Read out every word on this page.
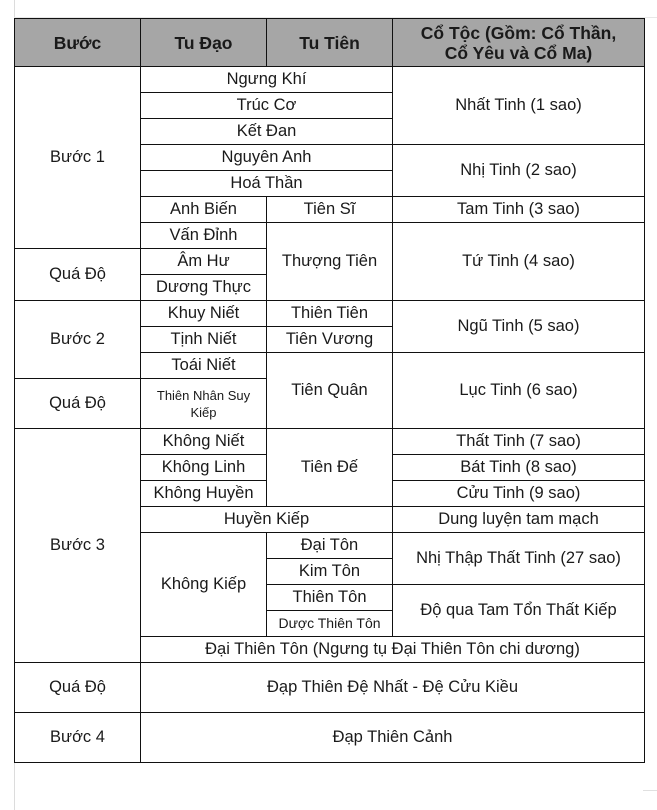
Bước	Tu Đạo	Tu Tiên	Cổ Tộc (Gồm: Cổ Thần, Cổ Yêu và Cổ Ma)
Bước 1	Ngưng Khí		Nhất Tinh (1 sao)
	Trúc Cơ		
	Kết Đan		
	Nguyên Anh		Nhị Tinh (2 sao)
	Hoá Thần		
	Anh Biến	Tiên Sĩ	Tam Tinh (3 sao)
	Vấn Đỉnh	Thượng Tiên	Tứ Tinh (4 sao)
Quá Độ	Âm Hư		
	Dương Thực		
Bước 2	Khuy Niết	Thiên Tiên	Ngũ Tinh (5 sao)
	Tịnh Niết	Tiên Vương	
	Toái Niết	Tiên Quân	Lục Tinh (6 sao)
Quá Độ	Thiên Nhân Suy Kiếp		
Bước 3	Không Niết	Tiên Đế	Thất Tinh (7 sao)
	Không Linh		Bát Tinh (8 sao)
	Không Huyền		Cửu Tinh (9 sao)
	Huyền Kiếp		Dung luyện tam mạch
	Không Kiếp	Đại Tôn	Nhị Thập Thất Tinh (27 sao)
		Kim Tôn	
		Thiên Tôn	Độ qua Tam Tổn Thất Kiếp
		Dược Thiên Tôn	
	Đại Thiên Tôn (Ngưng tụ Đại Thiên Tôn chi dương)		
Quá Độ	Đạp Thiên Đệ Nhất - Đệ Cửu Kiều		
Bước 4	Đạp Thiên Cảnh		
